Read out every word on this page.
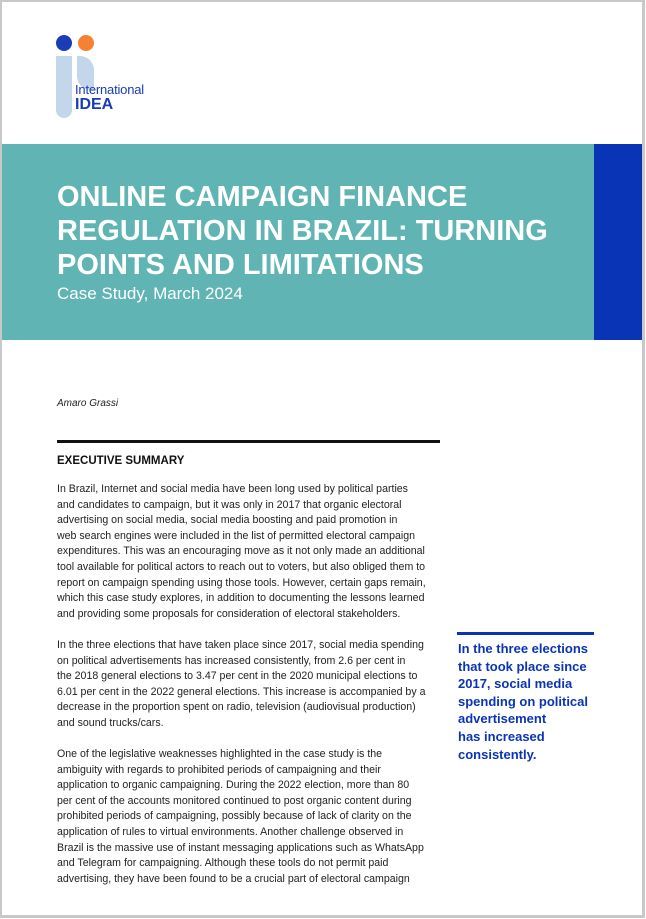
International
IDEA
ONLINE CAMPAIGN FINANCE REGULATION IN BRAZIL: TURNING POINTS AND LIMITATIONS
Case Study, March 2024
Amaro Grassi
EXECUTIVE SUMMARY

In Brazil, Internet and social media have been long used by political parties
and candidates to campaign, but it was only in 2017 that organic electoral
advertising on social media, social media boosting and paid promotion in
web search engines were included in the list of permitted electoral campaign
expenditures. This was an encouraging move as it not only made an additional
tool available for political actors to reach out to voters, but also obliged them to
report on campaign spending using those tools. However, certain gaps remain,
which this case study explores, in addition to documenting the lessons learned
and providing some proposals for consideration of electoral stakeholders.

In the three elections that have taken place since 2017, social media spending
on political advertisements has increased consistently, from 2.6 per cent in
the 2018 general elections to 3.47 per cent in the 2020 municipal elections to
6.01 per cent in the 2022 general elections. This increase is accompanied by a
decrease in the proportion spent on radio, television (audiovisual production)
and sound trucks/cars.

One of the legislative weaknesses highlighted in the case study is the
ambiguity with regards to prohibited periods of campaigning and their
application to organic campaigning. During the 2022 election, more than 80
per cent of the accounts monitored continued to post organic content during
prohibited periods of campaigning, possibly because of lack of clarity on the
application of rules to virtual environments. Another challenge observed in
Brazil is the massive use of instant messaging applications such as WhatsApp
and Telegram for campaigning. Although these tools do not permit paid
advertising, they have been found to be a crucial part of electoral campaign

In the three elections
that took place since
2017, social media
spending on political
advertisement
has increased
consistently.
